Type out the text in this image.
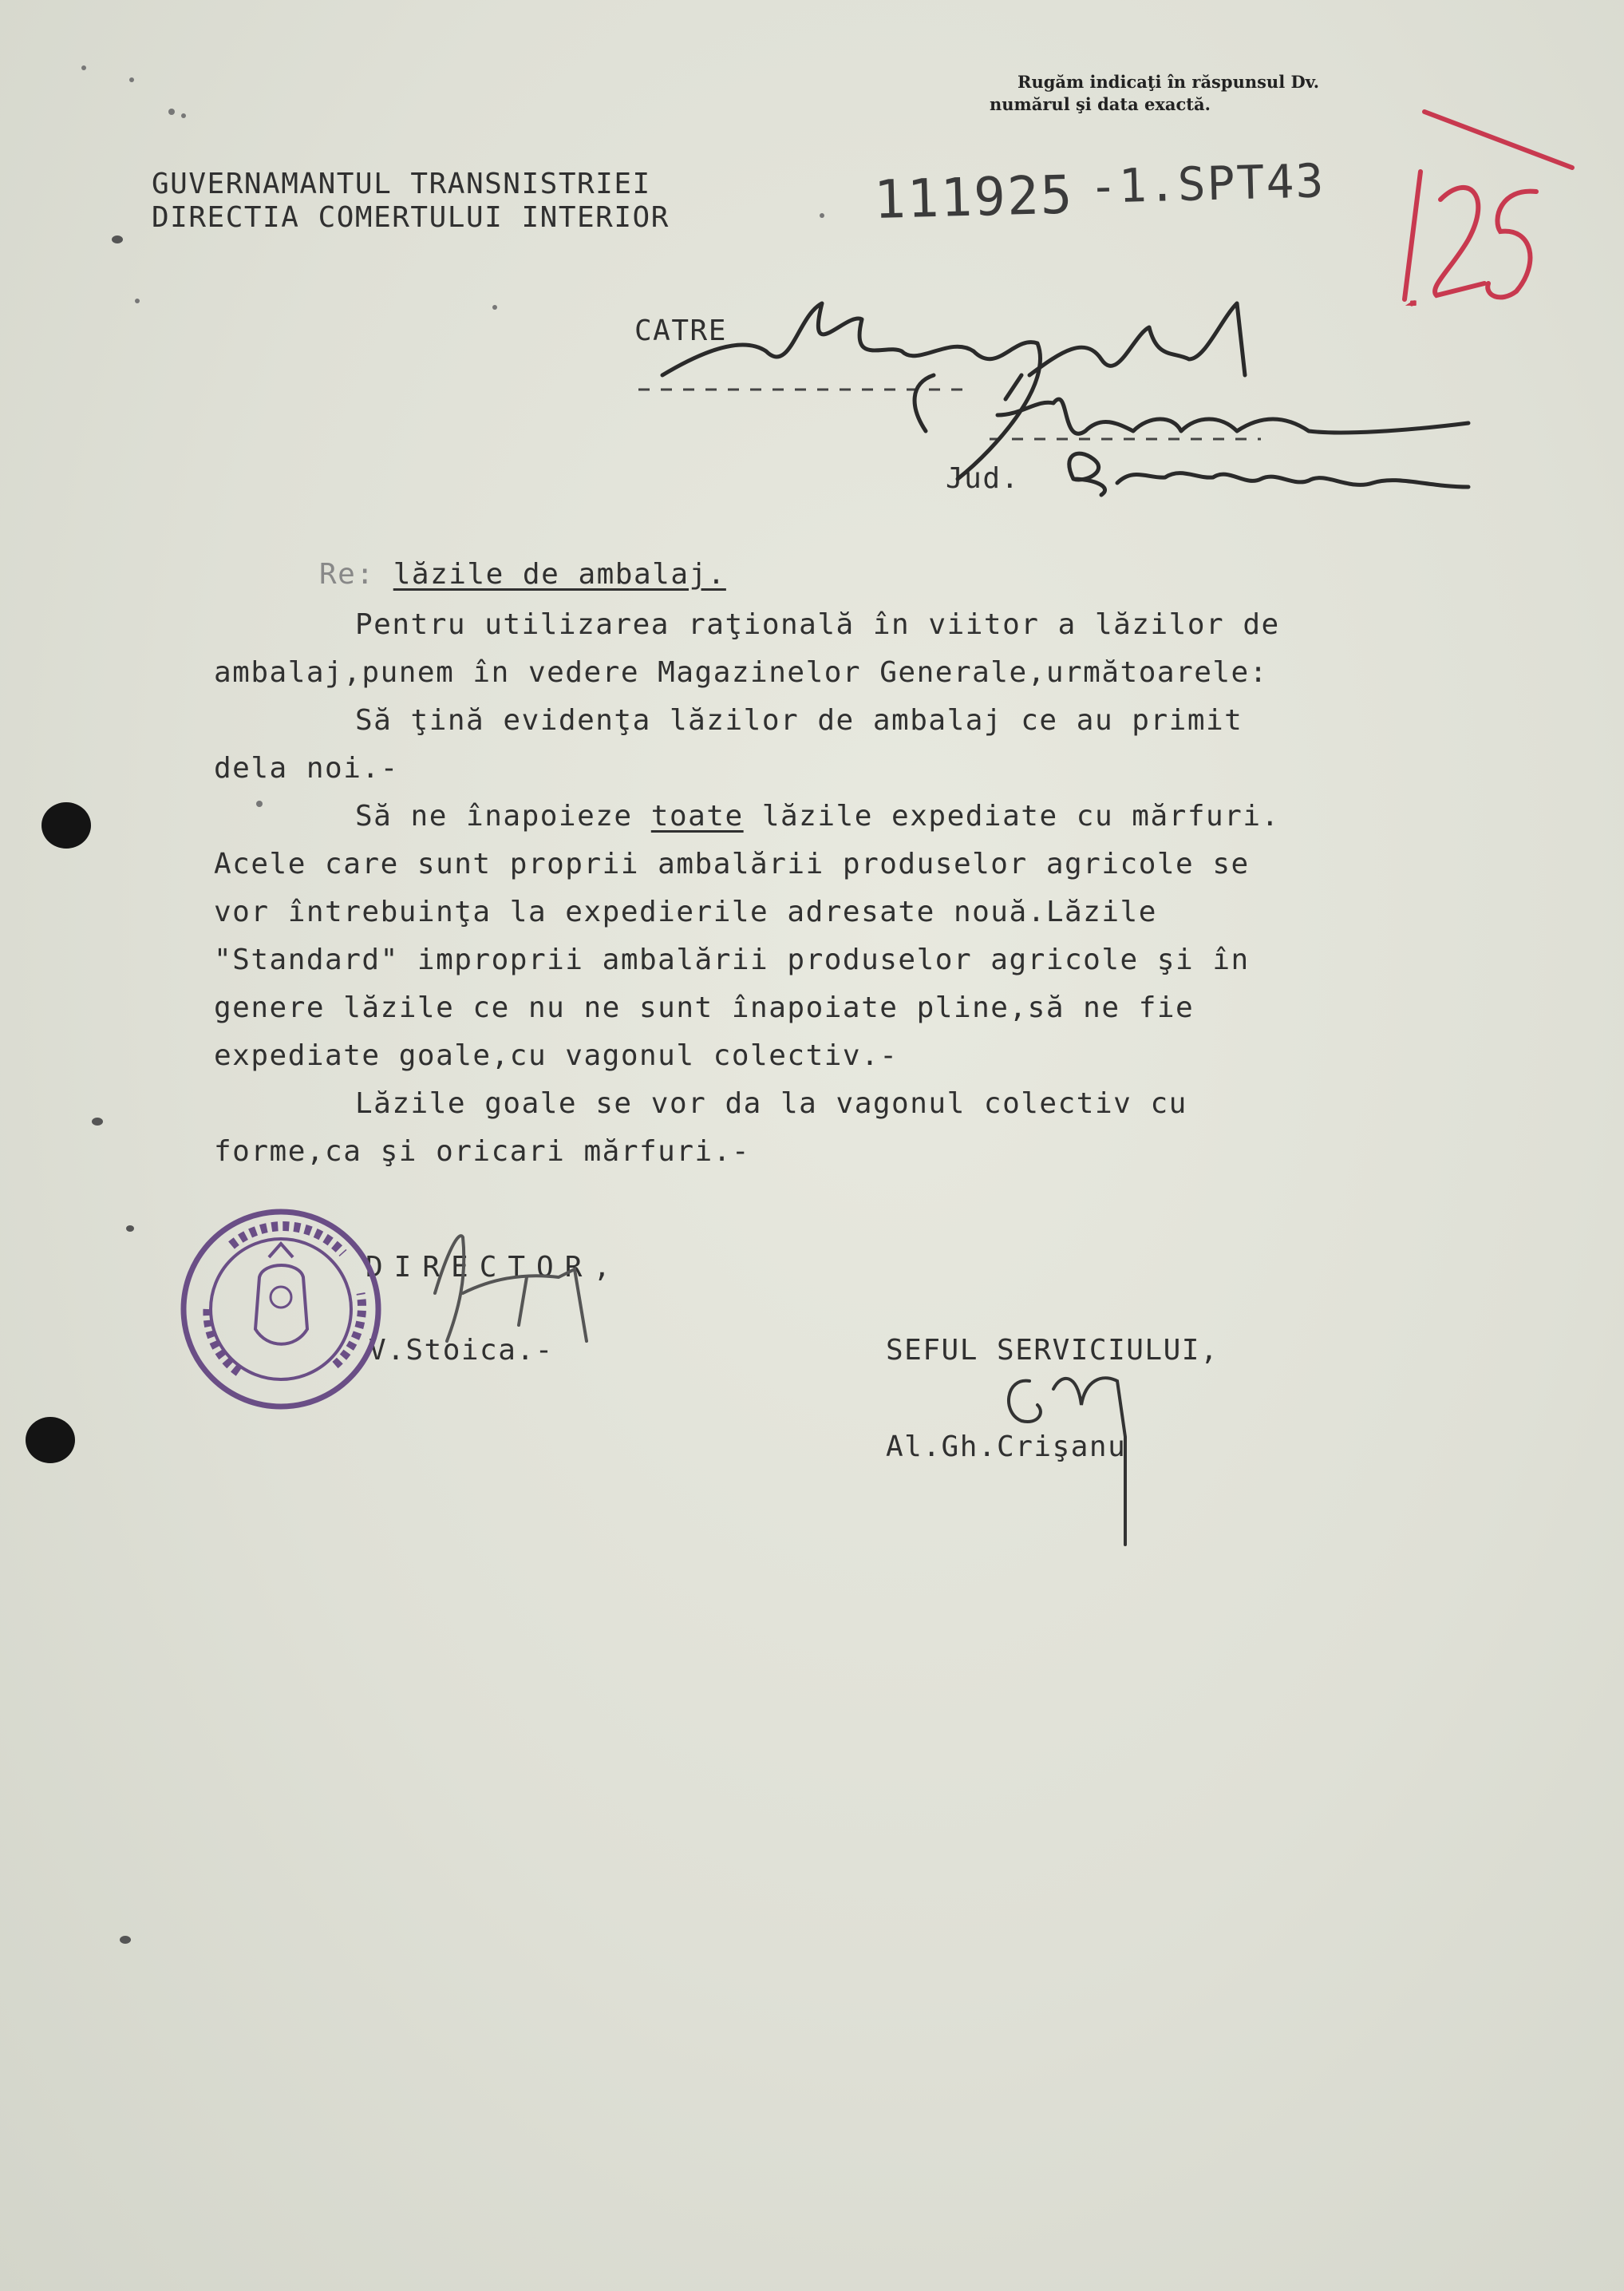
Rugăm indicaţi în răspunsul Dv.
numărul şi data exactă.
GUVERNAMANTUL TRANSNISTRIEI
DIRECTIA COMERTULUI INTERIOR	111925 -1.SPT43
CATRE
Jud.
Re: lăzile de ambalaj.
Pentru utilizarea raţională în viitor a lăzilor de
ambalaj,punem în vedere Magazinelor Generale,următoarele:
Să ţină evidenţa lăzilor de ambalaj ce au primit
dela noi.-
Să ne înapoieze toate lăzile expediate cu mărfuri.
Acele care sunt proprii ambalării produselor agricole se
vor întrebuinţa la expedierile adresate nouă.Lăzile
"Standard" improprii ambalării produselor agricole şi în
genere lăzile ce nu ne sunt înapoiate pline,să ne fie
expediate goale,cu vagonul colectiv.-
Lăzile goale se vor da la vagonul colectiv cu
forme,ca şi oricari mărfuri.-
DIRECTOR,
V.Stoica.-	SEFUL SERVICIULUI,
Al.Gh.Crişanu
125
